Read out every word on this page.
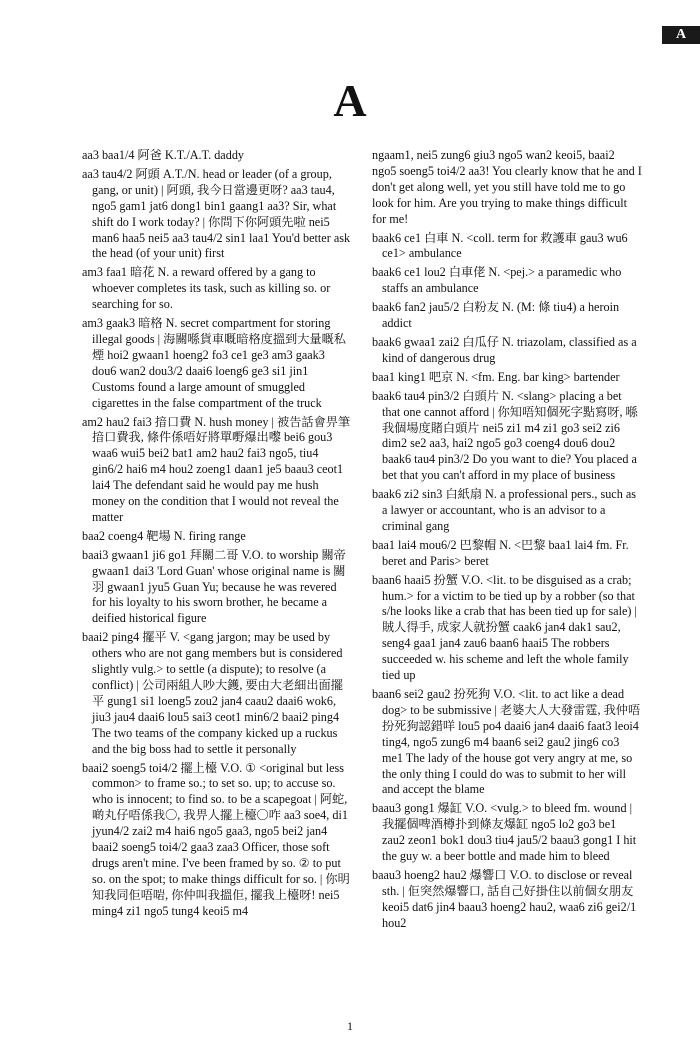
A
A

aa3 baa1/4 阿爸 K.T./A.T. daddy

aa3 tau4/2 阿頭 A.T./N. head or leader (of a group, gang, or unit) | 阿頭, 我今日當邊更呀? aa3 tau4, ngo5 gam1 jat6 dong1 bin1 gaang1 aa3? Sir, what shift do I work today? | 你問下你阿頭先啦 nei5 man6 haa5 nei5 aa3 tau4/2 sin1 laa1 You'd better ask the head (of your unit) first

am3 faa1 暗花 N. a reward offered by a gang to whoever completes its task, such as killing so. or searching for so.

am3 gaak3 暗格 N. secret compartment for storing illegal goods | 海關喺貨車嘅暗格度搵到大量嘅私煙 hoi2 gwaan1 hoeng2 fo3 ce1 ge3 am3 gaak3 dou6 wan2 dou3/2 daai6 loeng6 ge3 si1 jin1 Customs found a large amount of smuggled cigarettes in the false compartment of the truck

am2 hau2 fai3 揞口費 N. hush money | 被告話會畀筆揞口費我, 條件係唔好將單嘢爆出嚟 bei6 gou3 waa6 wui5 bei2 bat1 am2 hau2 fai3 ngo5, tiu4 gin6/2 hai6 m4 hou2 zoeng1 daan1 je5 baau3 ceot1 lai4 The defendant said he would pay me hush money on the condition that I would not reveal the matter

baa2 coeng4 靶場 N. firing range

baai3 gwaan1 ji6 go1 拜關二哥 V.O. to worship 關帝 gwaan1 dai3 'Lord Guan' whose original name is 關羽 gwaan1 jyu5 Guan Yu; because he was revered for his loyalty to his sworn brother, he became a deified historical figure

baai2 ping4 擺平 V. <gang jargon; may be used by others who are not gang members but is considered slightly vulg.> to settle (a dispute); to resolve (a conflict) | 公司兩組人吵大鑊, 要由大老細出面擺平 gung1 si1 loeng5 zou2 jan4 caau2 daai6 wok6, jiu3 jau4 daai6 lou5 sai3 ceot1 min6/2 baai2 ping4 The two teams of the company kicked up a ruckus and the big boss had to settle it personally

baai2 soeng5 toi4/2 擺上檯 V.O. ① <original but less common> to frame so.; to set so. up; to accuse so. who is innocent; to find so. to be a scapegoat | 阿蛇, 啲丸仔唔係我〇, 我畀人擺上檯〇咋 aa3 soe4, di1 jyun4/2 zai2 m4 hai6 ngo5 gaa3, ngo5 bei2 jan4 baai2 soeng5 toi4/2 gaa3 zaa3 Officer, those soft drugs aren't mine. I've been framed by so. ② to put so. on the spot; to make things difficult for so. | 你明知我同佢唔啱, 你仲叫我搵佢, 擺我上檯呀! nei5 ming4 zi1 ngo5 tung4 keoi5 m4

ngaam1, nei5 zung6 giu3 ngo5 wan2 keoi5, baai2 ngo5 soeng5 toi4/2 aa3! You clearly know that he and I don't get along well, yet you still have told me to go look for him. Are you trying to make things difficult for me!

baak6 ce1 白車 N. <coll. term for 救護車 gau3 wu6 ce1> ambulance

baak6 ce1 lou2 白車佬 N. <pej.> a paramedic who staffs an ambulance

baak6 fan2 jau5/2 白粉友 N. (M: 條 tiu4) a heroin addict

baak6 gwaa1 zai2 白瓜仔 N. triazolam, classified as a kind of dangerous drug

baa1 king1 吧京 N. <fm. Eng. bar king> bartender

baak6 tau4 pin3/2 白頭片 N. <slang> placing a bet that one cannot afford | 你知唔知個死字點寫呀, 喺我個場度賭白頭片 nei5 zi1 m4 zi1 go3 sei2 zi6 dim2 se2 aa3, hai2 ngo5 go3 coeng4 dou6 dou2 baak6 tau4 pin3/2 Do you want to die? You placed a bet that you can't afford in my place of business

baak6 zi2 sin3 白紙扇 N. a professional pers., such as a lawyer or accountant, who is an advisor to a criminal gang

baa1 lai4 mou6/2 巴黎帽 N. <巴黎 baa1 lai4 fm. Fr. beret and Paris> beret

baan6 haai5 扮蟹 V.O. <lit. to be disguised as a crab; hum.> for a victim to be tied up by a robber (so that s/he looks like a crab that has been tied up for sale) | 賊人得手, 成家人就扮蟹 caak6 jan4 dak1 sau2, seng4 gaa1 jan4 zau6 baan6 haai5 The robbers succeeded w. his scheme and left the whole family tied up

baan6 sei2 gau2 扮死狗 V.O. <lit. to act like a dead dog> to be submissive | 老婆大人大發雷霆, 我仲唔扮死狗認錯咩 lou5 po4 daai6 jan4 daai6 faat3 leoi4 ting4, ngo5 zung6 m4 baan6 sei2 gau2 jing6 co3 me1 The lady of the house got very angry at me, so the only thing I could do was to submit to her will and accept the blame

baau3 gong1 爆缸 V.O. <vulg.> to bleed fm. wound | 我擺個啤酒樽扑到條友爆缸 ngo5 lo2 go3 be1 zau2 zeon1 bok1 dou3 tiu4 jau5/2 baau3 gong1 I hit the guy w. a beer bottle and made him to bleed

baau3 hoeng2 hau2 爆響口 V.O. to disclose or reveal sth. | 佢突然爆響口, 話自己好掛住以前個女朋友 keoi5 dat6 jin4 baau3 hoeng2 hau2, waa6 zi6 gei2/1 hou2

1
